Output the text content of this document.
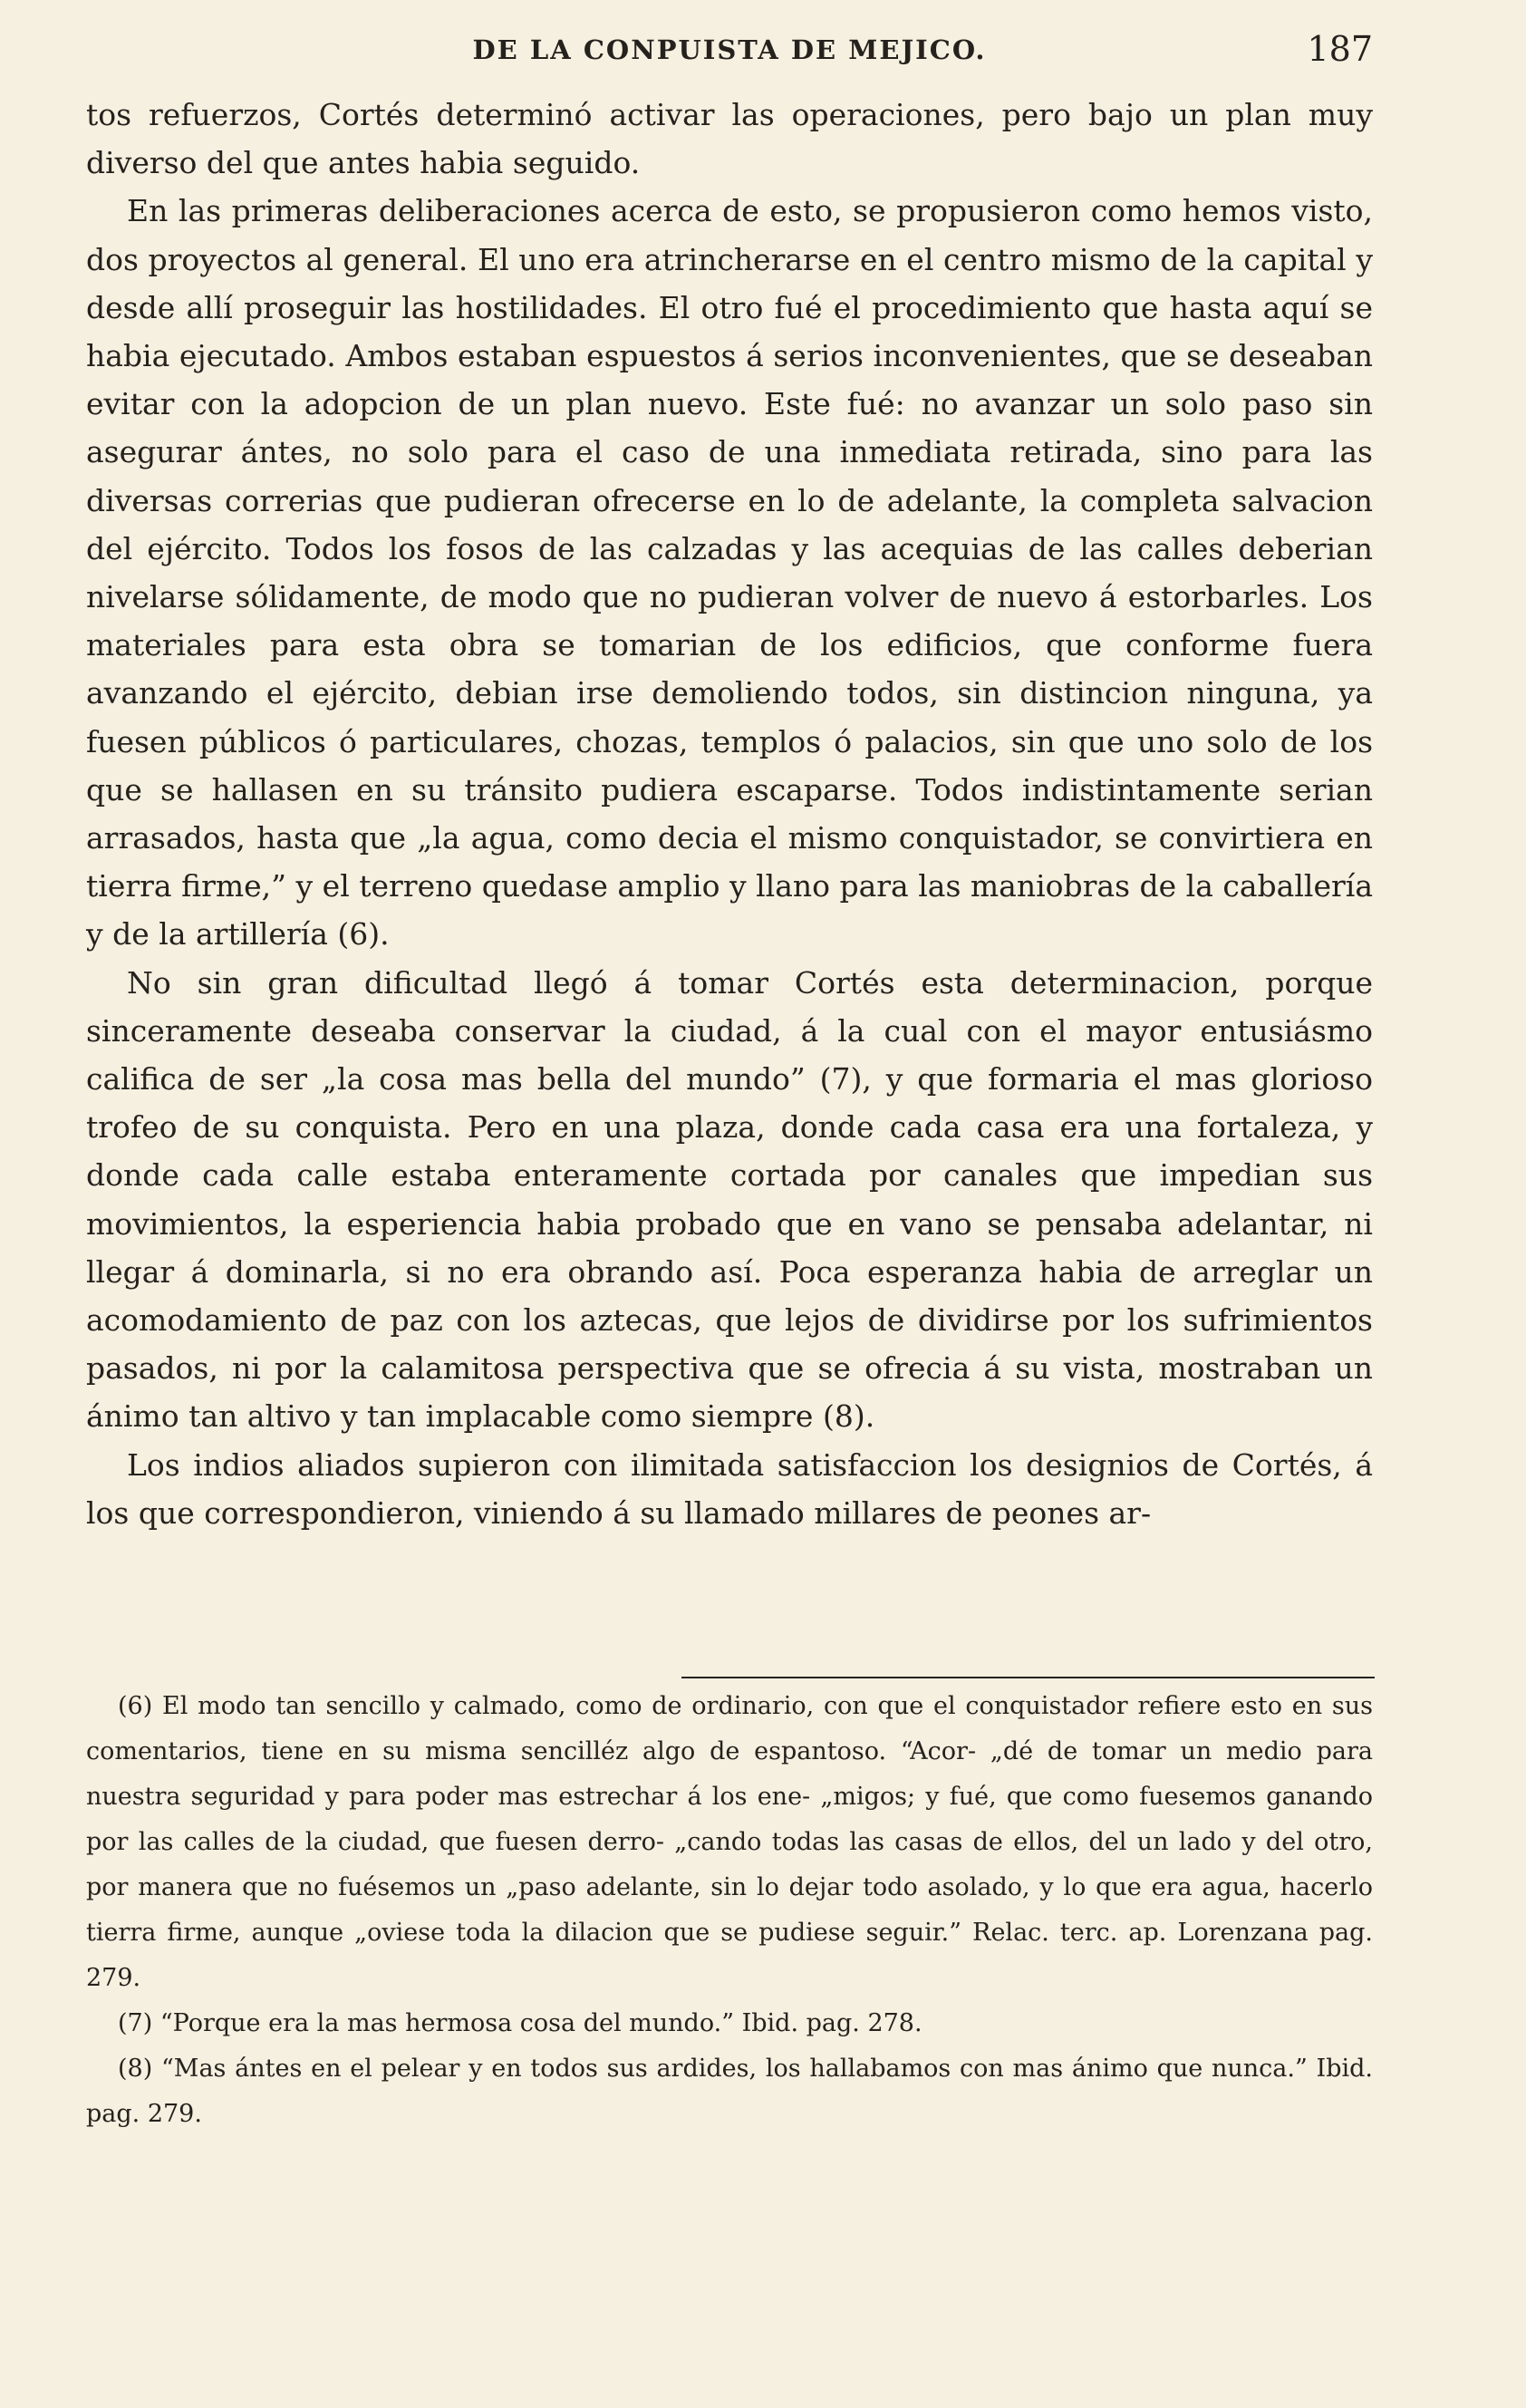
DE LA CONPUISTA DE MEJICO.	187

tos refuerzos, Cortés determinó activar las operaciones, pero bajo un plan muy diverso del que antes habia seguido.

En las primeras deliberaciones acerca de esto, se propusieron como hemos visto, dos proyectos al general. El uno era atrincherarse en el centro mismo de la capital y desde allí proseguir las hostilidades. El otro fué el procedimiento que hasta aquí se habia ejecutado. Ambos estaban espuestos á serios inconvenientes, que se deseaban evitar con la adopcion de un plan nuevo. Este fué: no avanzar un solo paso sin asegurar ántes, no solo para el caso de una inmediata retirada, sino para las diversas correrias que pudieran ofrecerse en lo de adelante, la completa salvacion del ejército. Todos los fosos de las calzadas y las acequias de las calles deberian nivelarse sólidamente, de modo que no pudieran volver de nuevo á estorbarles. Los materiales para esta obra se tomarian de los edificios, que conforme fuera avanzando el ejército, debian irse demoliendo todos, sin distincion ninguna, ya fuesen públicos ó particulares, chozas, templos ó palacios, sin que uno solo de los que se hallasen en su tránsito pudiera escaparse. Todos indistintamente serian arrasados, hasta que „la agua, como decia el mismo conquistador, se convirtiera en tierra firme,” y el terreno quedase amplio y llano para las maniobras de la caballería y de la artillería (6).

No sin gran dificultad llegó á tomar Cortés esta determinacion, porque sinceramente deseaba conservar la ciudad, á la cual con el mayor entusiásmo califica de ser „la cosa mas bella del mundo” (7), y que formaria el mas glorioso trofeo de su conquista. Pero en una plaza, donde cada casa era una fortaleza, y donde cada calle estaba enteramente cortada por canales que impedian sus movimientos, la esperiencia habia probado que en vano se pensaba adelantar, ni llegar á dominarla, si no era obrando así. Poca esperanza habia de arreglar un acomodamiento de paz con los aztecas, que lejos de dividirse por los sufrimientos pasados, ni por la calamitosa perspectiva que se ofrecia á su vista, mostraban un ánimo tan altivo y tan implacable como siempre (8).

Los indios aliados supieron con ilimitada satisfaccion los designios de Cortés, á los que correspondieron, viniendo á su llamado millares de peones ar-

(6) El modo tan sencillo y calmado, como de ordinario, con que el conquistador refiere esto en sus comentarios, tiene en su misma sencilléz algo de espantoso. “Acor- „dé de tomar un medio para nuestra seguridad y para poder mas estrechar á los ene- „migos; y fué, que como fuesemos ganando por las calles de la ciudad, que fuesen derro- „cando todas las casas de ellos, del un lado y del otro, por manera que no fuésemos un „paso adelante, sin lo dejar todo asolado, y lo que era agua, hacerlo tierra firme, aunque „oviese toda la dilacion que se pudiese seguir.” Relac. terc. ap. Lorenzana pag. 279.

(7) “Porque era la mas hermosa cosa del mundo.” Ibid. pag. 278.

(8) “Mas ántes en el pelear y en todos sus ardides, los hallabamos con mas ánimo que nunca.” Ibid. pag. 279.
